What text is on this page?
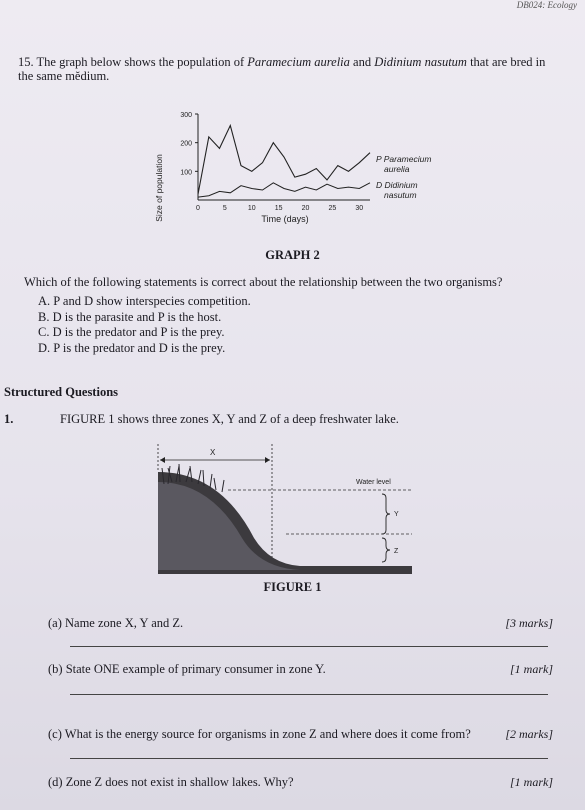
DB024: Ecology
15. The graph below shows the population of Paramecium aurelia and Didinium nasutum that are bred in the same mĕdium.
Size of population 100
200
300
0	5	10	15	20	25	30
P Paramecium
aurelia
D Didinium
nasutum
Time (days)
GRAPH 2
Which of the following statements is correct about the relationship between the two organisms?
A. P and D show interspecies competition.
B. D is the parasite and P is the host.
C. D is the predator and P is the prey.
D. P is the predator and D is the prey.
Structured Questions
1.	FIGURE 1 shows three zones X, Y and Z of a deep freshwater lake.
X
Water level
Y
Z
FIGURE 1
(a) Name zone X, Y and Z.	[3 marks]
(b) State ONE example of primary consumer in zone Y.	[1 mark]
(c) What is the energy source for organisms in zone Z and where does it come from?	[2 marks]
(d) Zone Z does not exist in shallow lakes. Why?	[1 mark]
